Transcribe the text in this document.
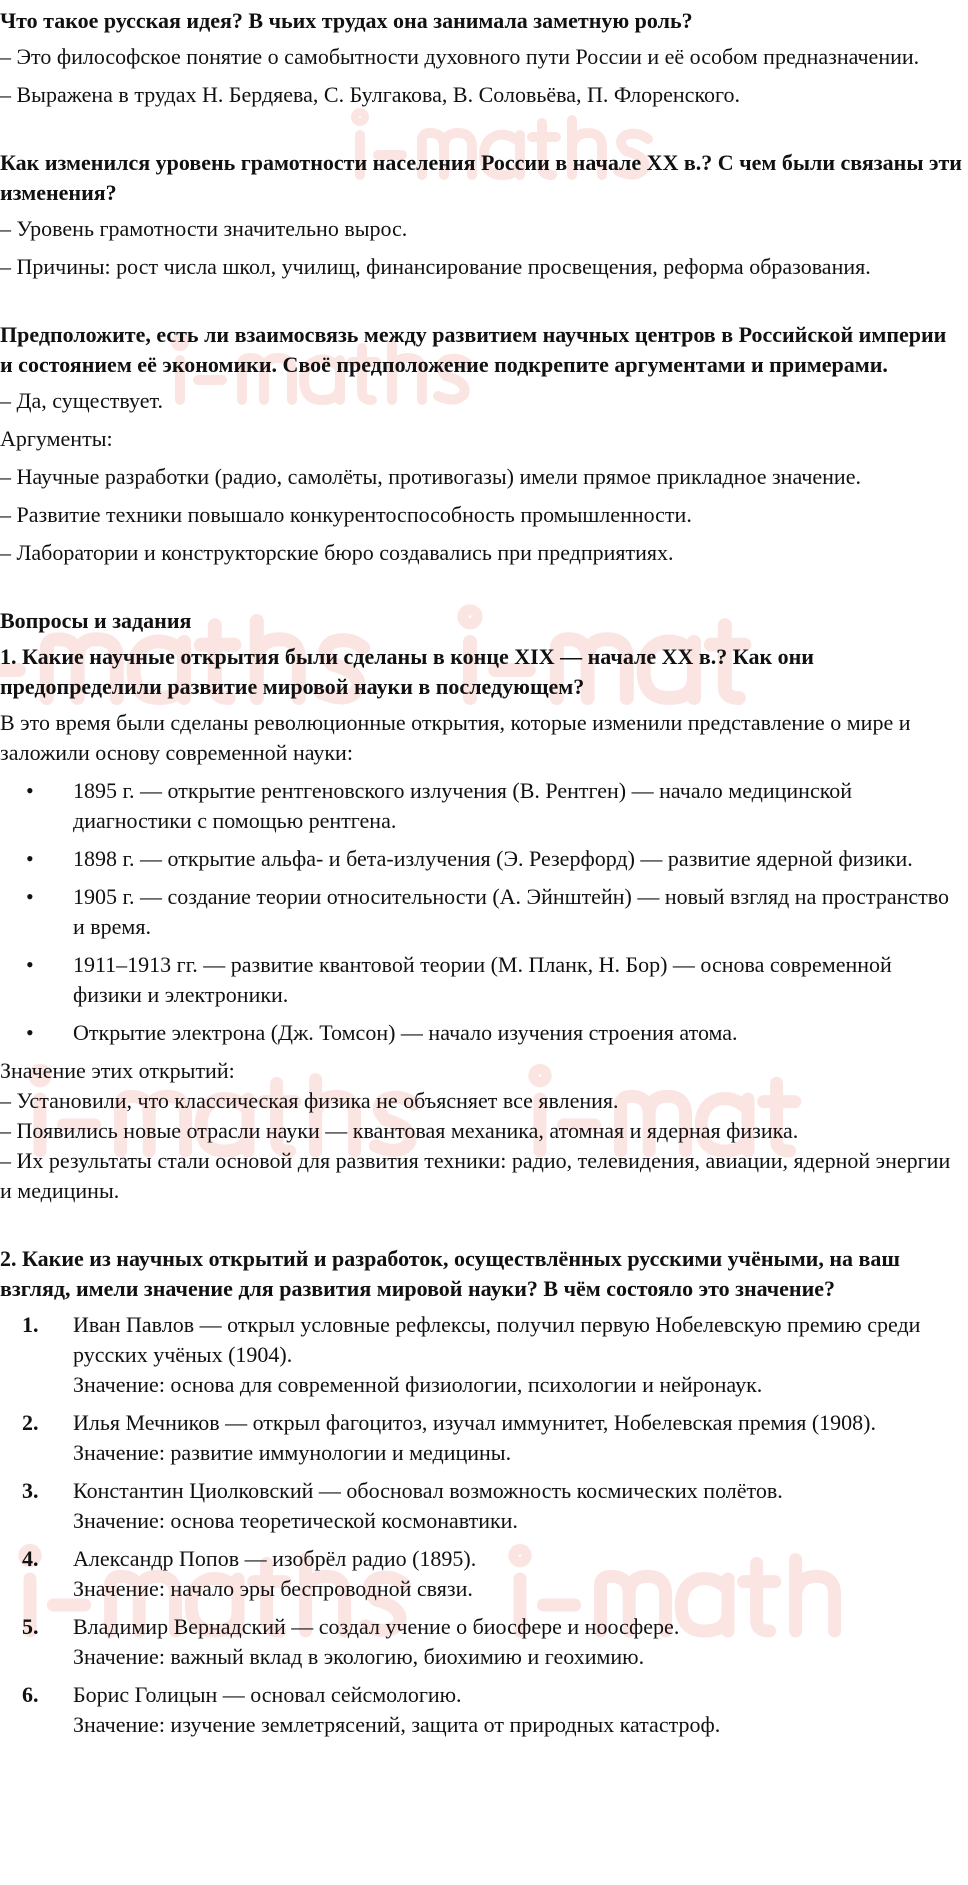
Что такое русская идея? В чьих трудах она занимала заметную роль?

– Это философское понятие о самобытности духовного пути России и её особом предназначении.

– Выражена в трудах Н. Бердяева, С. Булгакова, В. Соловьёва, П. Флоренского.

Как изменился уровень грамотности населения России в начале XX в.? С чем были связаны эти изменения?

– Уровень грамотности значительно вырос.

– Причины: рост числа школ, училищ, финансирование просвещения, реформа образования.

Предположите, есть ли взаимосвязь между развитием научных центров в Российской империи и состоянием её экономики. Своё предположение подкрепите аргументами и примерами.

– Да, существует.

Аргументы:

– Научные разработки (радио, самолёты, противогазы) имели прямое прикладное значение.

– Развитие техники повышало конкурентоспособность промышленности.

– Лаборатории и конструкторские бюро создавались при предприятиях.

Вопросы и задания

1. Какие научные открытия были сделаны в конце XIX — начале XX в.? Как они предопределили развитие мировой науки в последующем?

В это время были сделаны революционные открытия, которые изменили представление о мире и заложили основу современной науки:

• 1895 г. — открытие рентгеновского излучения (В. Рентген) — начало медицинской диагностики с помощью рентгена.
• 1898 г. — открытие альфа- и бета-излучения (Э. Резерфорд) — развитие ядерной физики.
• 1905 г. — создание теории относительности (А. Эйнштейн) — новый взгляд на пространство и время.
• 1911–1913 гг. — развитие квантовой теории (М. Планк, Н. Бор) — основа современной физики и электроники.
• Открытие электрона (Дж. Томсон) — начало изучения строения атома.

Значение этих открытий:

– Установили, что классическая физика не объясняет все явления.

– Появились новые отрасли науки — квантовая механика, атомная и ядерная физика.

– Их результаты стали основой для развития техники: радио, телевидения, авиации, ядерной энергии и медицины.

2. Какие из научных открытий и разработок, осуществлённых русскими учёными, на ваш взгляд, имели значение для развития мировой науки? В чём состояло это значение?

1. Иван Павлов — открыл условные рефлексы, получил первую Нобелевскую премию среди русских учёных (1904).

Значение: основа для современной физиологии, психологии и нейронаук.

2. Илья Мечников — открыл фагоцитоз, изучал иммунитет, Нобелевская премия (1908).

Значение: развитие иммунологии и медицины.

3. Константин Циолковский — обосновал возможность космических полётов.

Значение: основа теоретической космонавтики.

4. Александр Попов — изобрёл радио (1895).

Значение: начало эры беспроводной связи.

5. Владимир Вернадский — создал учение о биосфере и ноосфере.

Значение: важный вклад в экологию, биохимию и геохимию.

6. Борис Голицын — основал сейсмологию.

Значение: изучение землетрясений, защита от природных катастроф.
